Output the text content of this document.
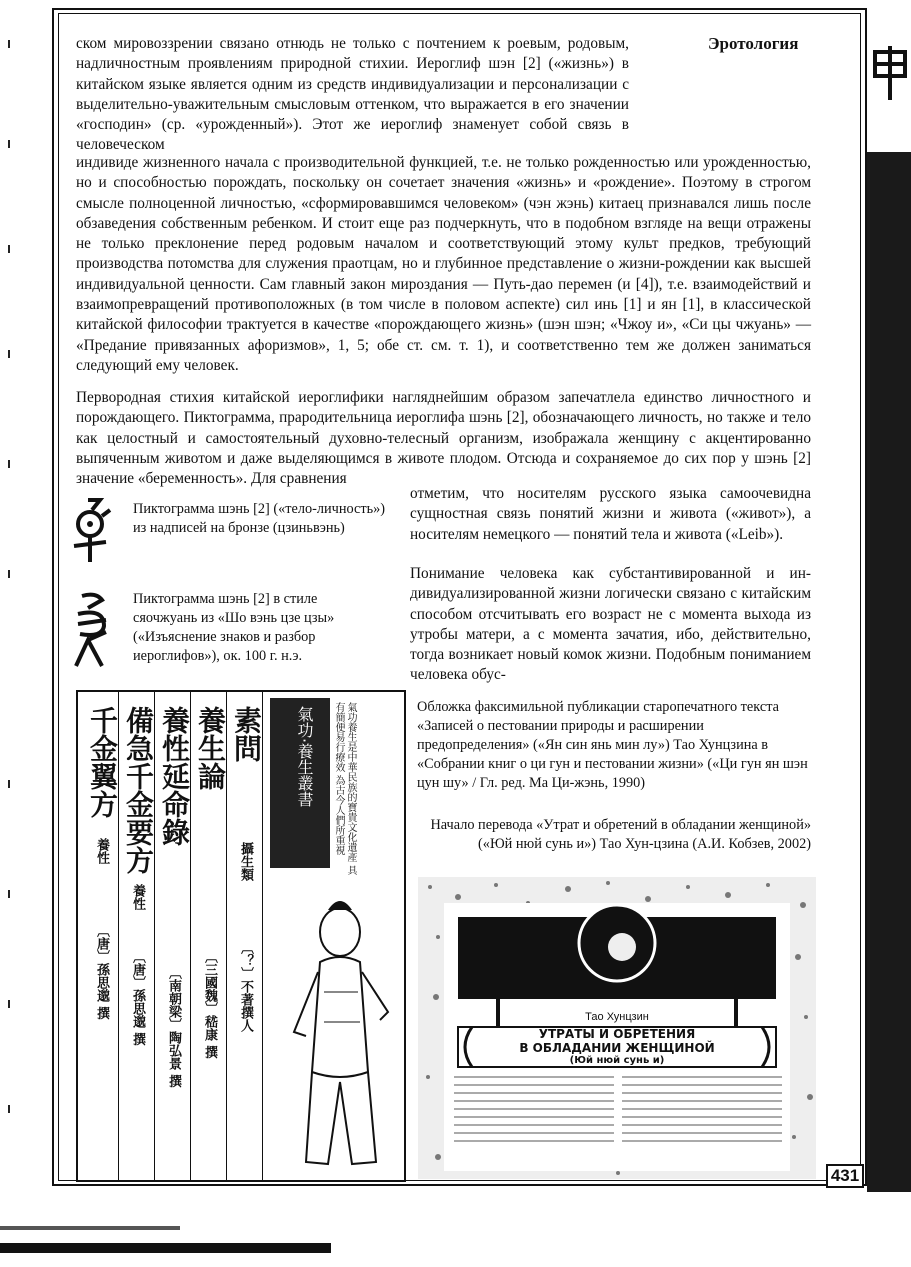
Эротология

ском мировоззрении связано отнюдь не только с почтением к роевым, родовым, надличностным проявлениям природной стихии. Иероглиф шэн [2] («жизнь») в китайском языке является одним из средств индивидуализации и персонализации с выделительно-уважительным смысловым оттенком, что выражается в его значении «господин» (ср. «урожденный»). Этот же иероглиф знаменует собой связь в человеческом

индивиде жизненного начала с производительной функцией, т.е. не только рожденностью или урожденностью, но и способностью порождать, поскольку он сочетает значения «жизнь» и «рождение». Поэтому в строгом смысле полноценной личностью, «сформировавшимся человеком» (чэн жэнь) китаец признавался лишь после обзаведения собственным ребенком. И стоит еще раз подчеркнуть, что в подобном взгляде на вещи отражены не только преклонение перед родовым началом и соответствующий этому культ предков, требующий производства потомства для служения праотцам, но и глубинное представление о жизни-рождении как высшей индивидуальной ценности. Сам главный закон мироздания — Путь-дао перемен (и [4]), т.е. взаимодействий и взаимопревращений противоположных (в том числе в половом аспекте) сил инь [1] и ян [1], в классической китайской философии трактуется в качестве «порождающего жизнь» (шэн шэн; «Чжоу и», «Си цы чжуань» — «Предание привязанных афоризмов», 1, 5; обе ст. см. т. 1), и соответственно тем же должен заниматься следующий ему человек.

Первородная стихия китайской иероглифики нагляднейшим образом запечатлела единство личностного и порождающего. Пиктограмма, прародительница иероглифа шэнь [2], обозначающего личность, но также и тело как целостный и самостоятельный духовно-телесный организм, изображала женщину с акцентированно выпяченным животом и даже выделяющимся в животе плодом. Отсюда и сохраняемое до сих пор у шэнь [2] значение «беременность». Для сравнения

отметим, что носителям русского языка самоочевидна сущностная связь понятий жизни и живота («живот»), а носителям немецкого — понятий тела и живота («Leib»).

Понимание человека как субстантивированной и индивидуализированной жизни логически связано с китайским способом отсчитывать его возраст не с момента выхода из утробы матери, а с момента зачатия, ибо, действительно, тогда возникает новый комок жизни. Подобным пониманием человека обус-

Пиктограмма шэнь [2] («тело-личность») из надписей на бронзе (цзиньвэнь)

Пиктограмма шэнь [2] в стиле сяочжуань из «Шо вэнь цзе цзы» («Изъяснение знаков и разбор иероглифов»), ок. 100 г. н.э.

千金翼方
養性
〔唐〕孫思邈 撰
備急千金要方
養性
〔唐〕孫思邈 撰
養性延命錄
〔南朝梁〕陶弘景 撰
養生論
〔三國魏〕嵇康 撰
素問
攝生類
〔？〕不著撰人
氣功·養生叢書	氣功養生是中華民族的寶貴文化遺產 具有簡便易行療效 為古今人們所重視	Обложка факсимильной публикации старопечатного текста «Записей о пестовании природы и расширении предопределения» («Ян син янь мин лу») Тао Хунцзина в «Собрании книг о ци гун и пестовании жизни» («Ци гун ян шэн цун шу» / Гл. ред. Ма Ци-жэнь, 1990)

Начало перевода «Утрат и обретений в обладании женщиной» («Юй нюй сунь и») Тао Хун-цзина (А.И. Кобзев, 2002)

Тао Хунцзин
УТРАТЫ И ОБРЕТЕНИЯ
В ОБЛАДАНИИ ЖЕНЩИНОЙ
(Юй нюй сунь и)
431
